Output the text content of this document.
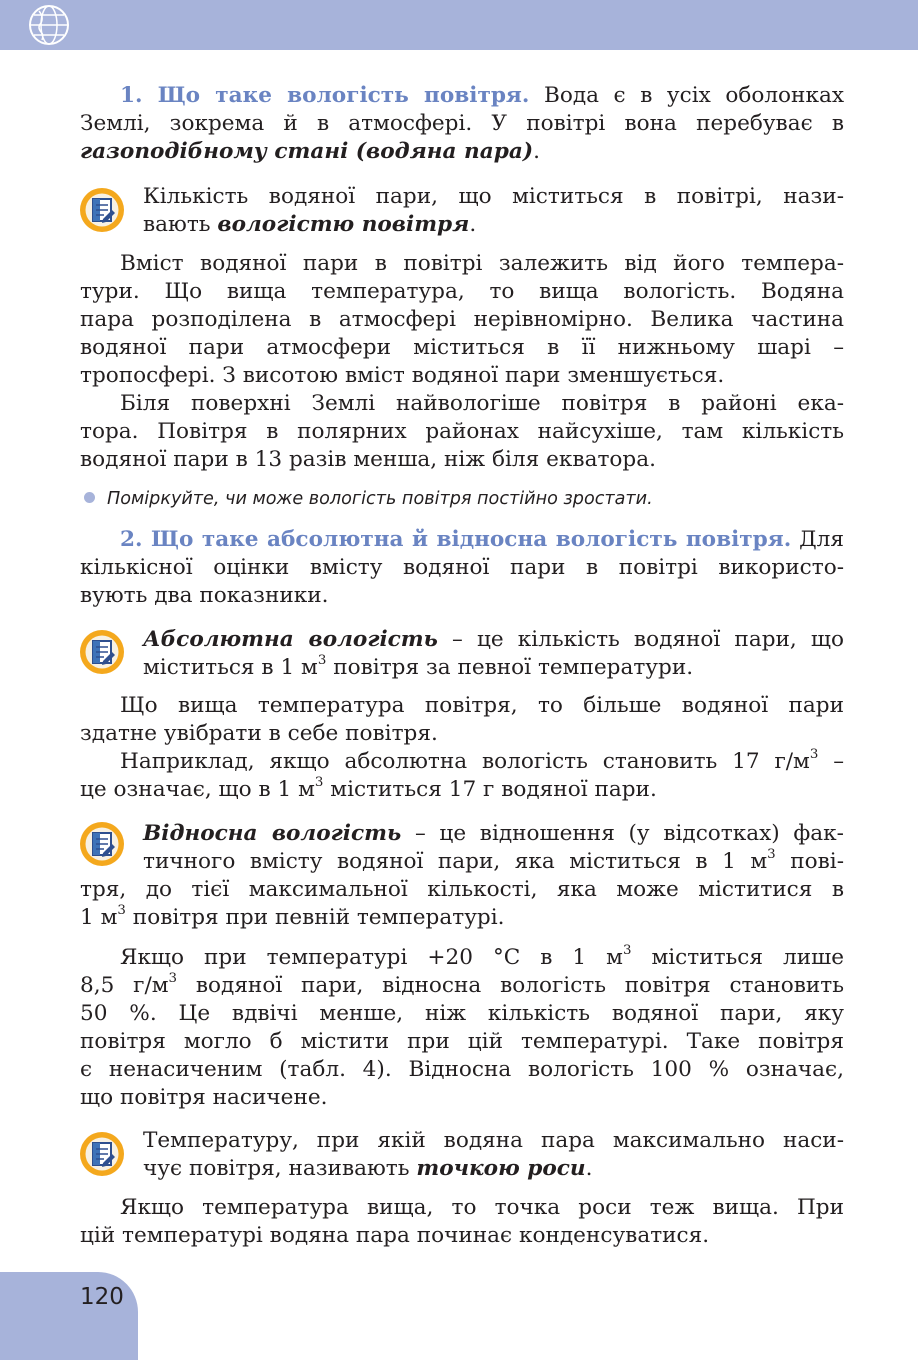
1. Що таке вологість повітря. Вода є в усіх оболонках
Землі, зокрема й в атмосфері. У повітрі вона перебуває в
газоподібному стані (водяна пара).
Кількість водяної пари, що міститься в повітрі, нази-
вають вологістю повітря.
Вміст водяної пари в повітрі залежить від його темпера-
тури. Що вища температура, то вища вологість. Водяна
пара розподілена в атмосфері нерівномірно. Велика частина
водяної пари атмосфери міститься в її нижньому шарі –
тропосфері. З висотою вміст водяної пари зменшується.
Біля поверхні Землі найвологіше повітря в районі ека-
тора. Повітря в полярних районах найсухіше, там кількість
водяної пари в 13 разів менша, ніж біля екватора.
Поміркуйте, чи може вологість повітря постійно зростати.
2. Що таке абсолютна й відносна вологість повітря. Для
кількісної оцінки вмісту водяної пари в повітрі використо-
вують два показники.
Абсолютна вологість – це кількість водяної пари, що
міститься в 1 $м^3$ повітря за певної температури.
Що вища температура повітря, то більше водяної пари
здатне увібрати в себе повітря.
Наприклад, якщо абсолютна вологість становить 17 $г/м^3$ –
це означає, що в 1 $м^3$ міститься 17 г водяної пари.
Відносна вологість – це відношення (у відсотках) фак-
тичного вмісту водяної пари, яка міститься в 1 $м^3$ пові-
тря, до тієї максимальної кількості, яка може міститися в
1 $м^3$ повітря при певній температурі.
Якщо при температурі +20 °С в 1 $м^3$ міститься лише
8,5 $г/м^3$ водяної пари, відносна вологість повітря становить
50 %. Це вдвічі менше, ніж кількість водяної пари, яку
повітря могло б містити при цій температурі. Таке повітря
є ненасиченим (табл. 4). Відносна вологість 100 % означає,
що повітря насичене.
Температуру, при якій водяна пара максимально наси-
чує повітря, називають точкою роси.
Якщо температура вища, то точка роси теж вища. При
цій температурі водяна пара починає конденсуватися.
120
